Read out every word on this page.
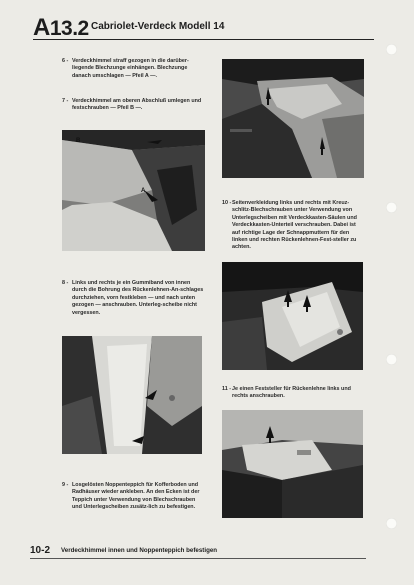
A13.2 Cabriolet-Verdeck Modell 14
6 - Verdeckhimmel straff gezogen in die darüber-liegende Blechzunge einhängen. Blechzunge danach umschlagen — Pfeil A —.
7 - Verdeckhimmel am oberen Abschluß umlegen und festschrauben — Pfeil B —.
B
A
10 -Seitenverkleidung links und rechts mit Kreuz-schlitz-Blechschrauben unter Verwendung von Unterlegscheiben mit Verdeckkasten-Säulen und Verdeckkasten-Unterteil verschrauben. Dabei ist auf richtige Lage der Schnappmuttern für den linken und rechten Rückenlehnen-Fest-steller zu achten.
8 - Links und rechts je ein Gummiband von innen durch die Bohrung des Rückenlehnen-An-schlages durchziehen, vorn festkleben — und nach unten gezogen — anschrauben. Unterleg-scheibe nicht vergessen.
11 -Je einen Feststeller für Rückenlehne links und rechts anschrauben.
9 - Losgelösten Noppenteppich für Kofferboden und Radhäuser wieder ankleben. An den Ecken ist der Teppich unter Verwendung von Blechschrauben und Unterlegscheiben zusätz-lich zu befestigen.
10-2 Verdeckhimmel innen und Noppenteppich befestigen
